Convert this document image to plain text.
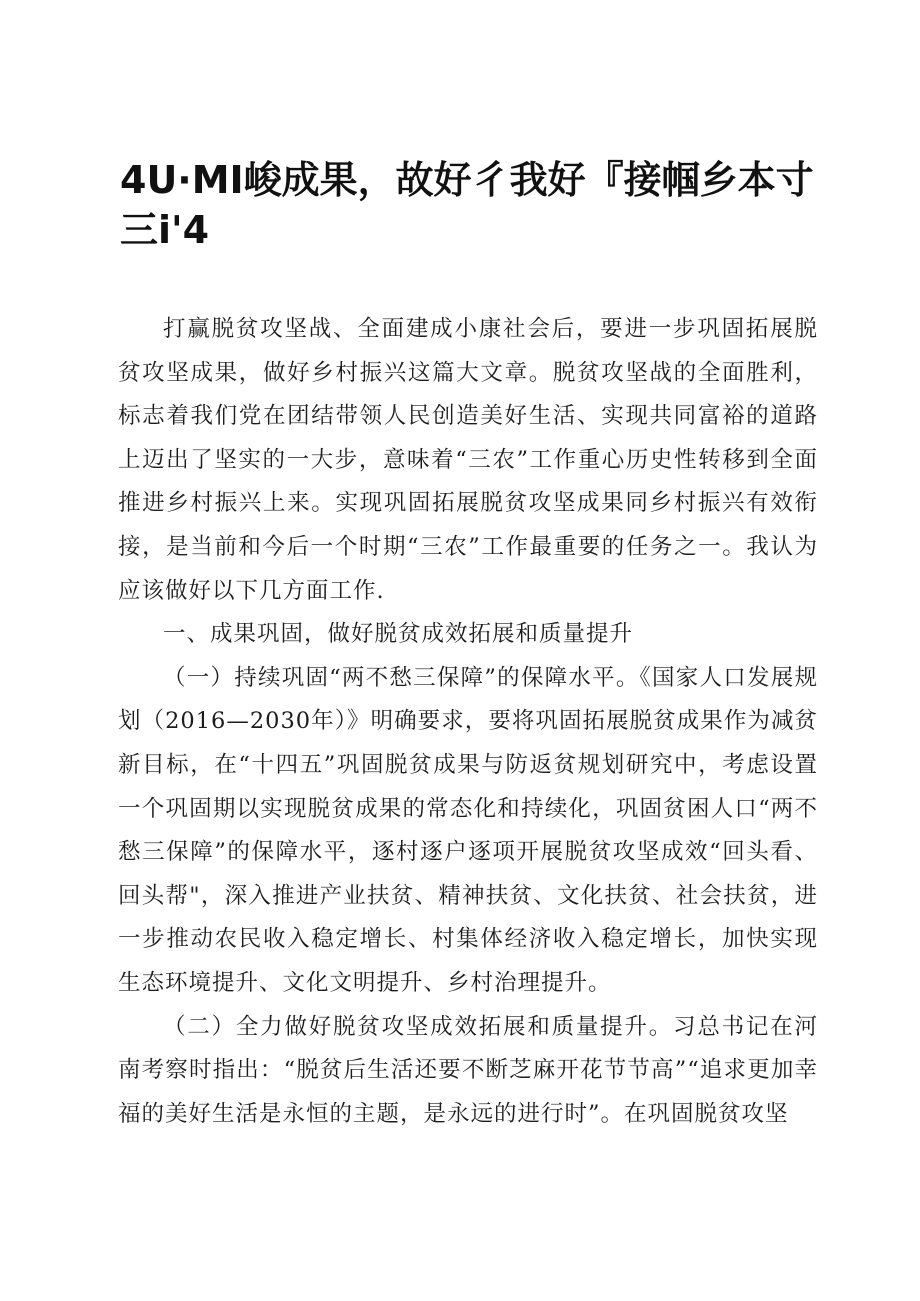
4U·MI峻成果，故好彳我好『接帼乡本寸
三i'4

打赢脱贫攻坚战、全面建成小康社会后，要进一步巩固拓展脱贫攻坚成果，做好乡村振兴这篇大文章。脱贫攻坚战的全面胜利，标志着我们党在团结带领人民创造美好生活、实现共同富裕的道路上迈出了坚实的一大步，意味着“三农”工作重心历史性转移到全面推进乡村振兴上来。实现巩固拓展脱贫攻坚成果同乡村振兴有效衔接，是当前和今后一个时期“三农”工作最重要的任务之一。我认为应该做好以下几方面工作.

一、成果巩固，做好脱贫成效拓展和质量提升

（一）持续巩固“两不愁三保障”的保障水平。《国家人口发展规划（2016—2030年）》明确要求，要将巩固拓展脱贫成果作为减贫新目标，在“十四五”巩固脱贫成果与防返贫规划研究中，考虑设置一个巩固期以实现脱贫成果的常态化和持续化，巩固贫困人口“两不愁三保障”的保障水平，逐村逐户逐项开展脱贫攻坚成效“回头看、回头帮"，深入推进产业扶贫、精神扶贫、文化扶贫、社会扶贫，进一步推动农民收入稳定增长、村集体经济收入稳定增长，加快实现生态环境提升、文化文明提升、乡村治理提升。

（二）全力做好脱贫攻坚成效拓展和质量提升。习总书记在河南考察时指出：“脱贫后生活还要不断芝麻开花节节高”“追求更加幸福的美好生活是永恒的主题，是永远的进行时”。在巩固脱贫攻坚
